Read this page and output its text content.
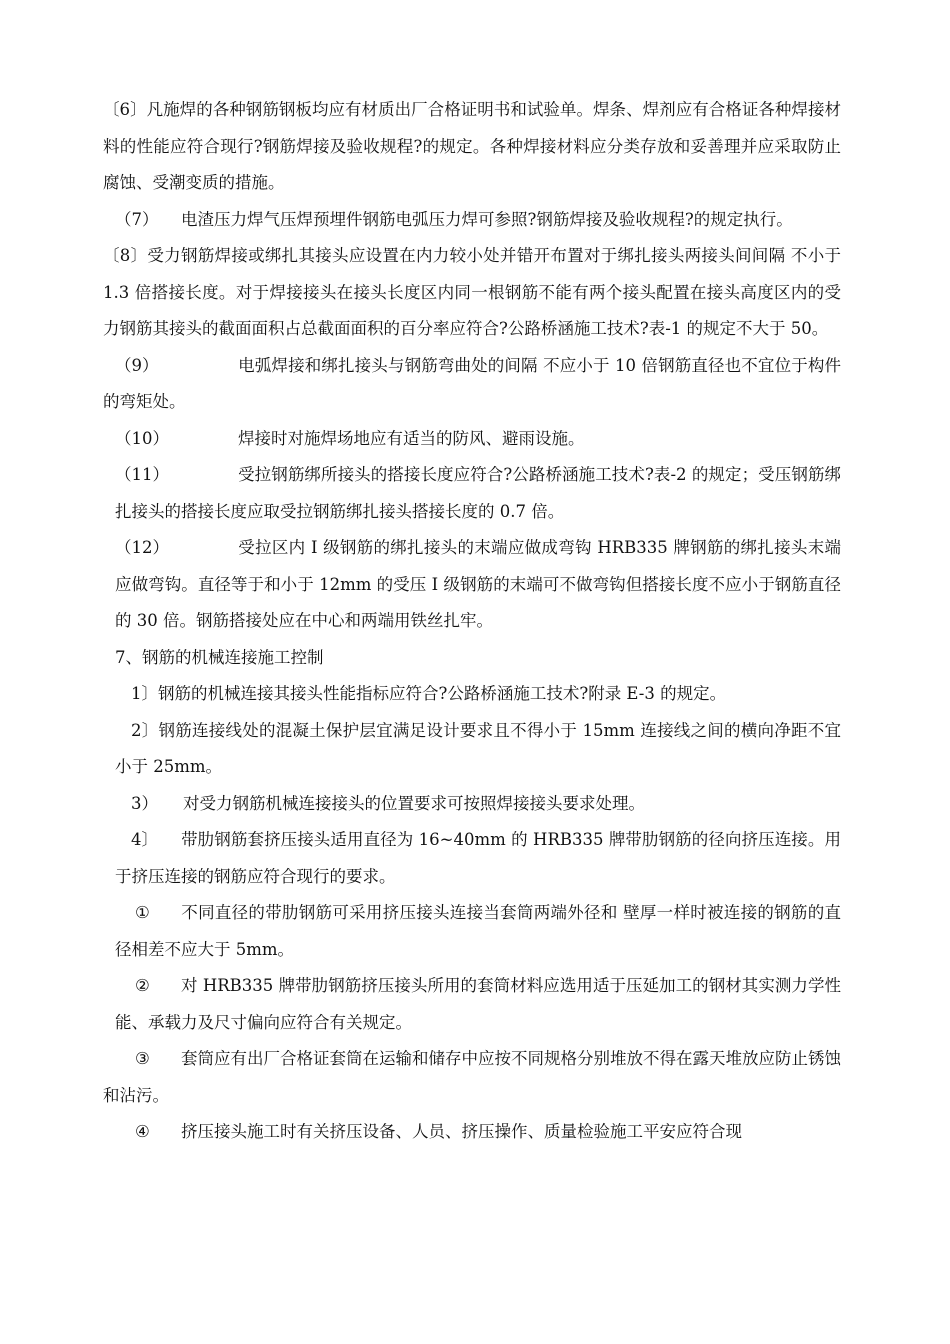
〔6〕凡施焊的各种钢筋钢板均应有材质出厂合格证明书和试验单。焊条、焊剂应有合格证各种焊接材料的性能应符合现行?钢筋焊接及验收规程?的规定。各种焊接材料应分类存放和妥善理并应采取防止腐蚀、受潮变质的措施。

（7） 电渣压力焊气压焊预埋件钢筋电弧压力焊可参照?钢筋焊接及验收规程?的规定执行。

〔8〕受力钢筋焊接或绑扎其接头应设置在内力较小处并错开布置对于绑扎接头两接头间间隔 不小于 1.3 倍搭接长度。对于焊接接头在接头长度区内同一根钢筋不能有两个接头配置在接头高度区内的受力钢筋其接头的截面面积占总截面面积的百分率应符合?公路桥涵施工技术?表-1 的规定不大于 50。

（9）	电弧焊接和绑扎接头与钢筋弯曲处的间隔 不应小于 10 倍钢筋直径也不宜位于构件的弯矩处。

（10）	焊接时对施焊场地应有适当的防风、避雨设施。

（11）	受拉钢筋绑所接头的搭接长度应符合?公路桥涵施工技术?表-2 的规定；受压钢筋绑扎接头的搭接长度应取受拉钢筋绑扎接头搭接长度的 0.7 倍。

（12）	受拉区内 I 级钢筋的绑扎接头的末端应做成弯钩 HRB335 牌钢筋的绑扎接头末端应做弯钩。直径等于和小于 12mm 的受压 I 级钢筋的末端可不做弯钩但搭接长度不应小于钢筋直径的 30 倍。钢筋搭接处应在中心和两端用铁丝扎牢。

7、钢筋的机械连接施工控制

1〕钢筋的机械连接其接头性能指标应符合?公路桥涵施工技术?附录 E-3 的规定。

2〕钢筋连接线处的混凝土保护层宜满足设计要求且不得小于 15mm 连接线之间的横向净距不宜小于 25mm。

3） 对受力钢筋机械连接接头的位置要求可按照焊接接头要求处理。

4〕 带肋钢筋套挤压接头适用直径为 16~40mm 的 HRB335 牌带肋钢筋的径向挤压连接。用于挤压连接的钢筋应符合现行的要求。

① 不同直径的带肋钢筋可采用挤压接头连接当套筒两端外径和 壁厚一样时被连接的钢筋的直径相差不应大于 5mm。

② 对 HRB335 牌带肋钢筋挤压接头所用的套筒材料应选用适于压延加工的钢材其实测力学性能、承载力及尺寸偏向应符合有关规定。

③ 套筒应有出厂合格证套筒在运输和储存中应按不同规格分别堆放不得在露天堆放应防止锈蚀和沾污。

④ 挤压接头施工时有关挤压设备、人员、挤压操作、质量检验施工平安应符合现
